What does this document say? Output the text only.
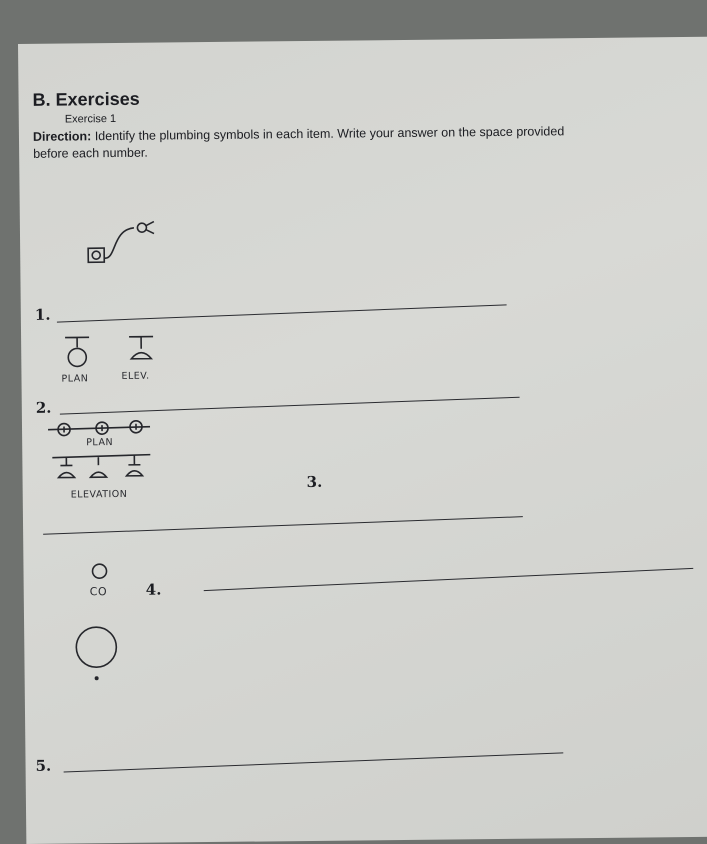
B. Exercises
Exercise 1
Direction: Identify the plumbing symbols in each item. Write your answer on the space provided before each number.
1.
PLAN	ELEV.
2.
PLAN
ELEVATION
3.
CO	4.
5.
